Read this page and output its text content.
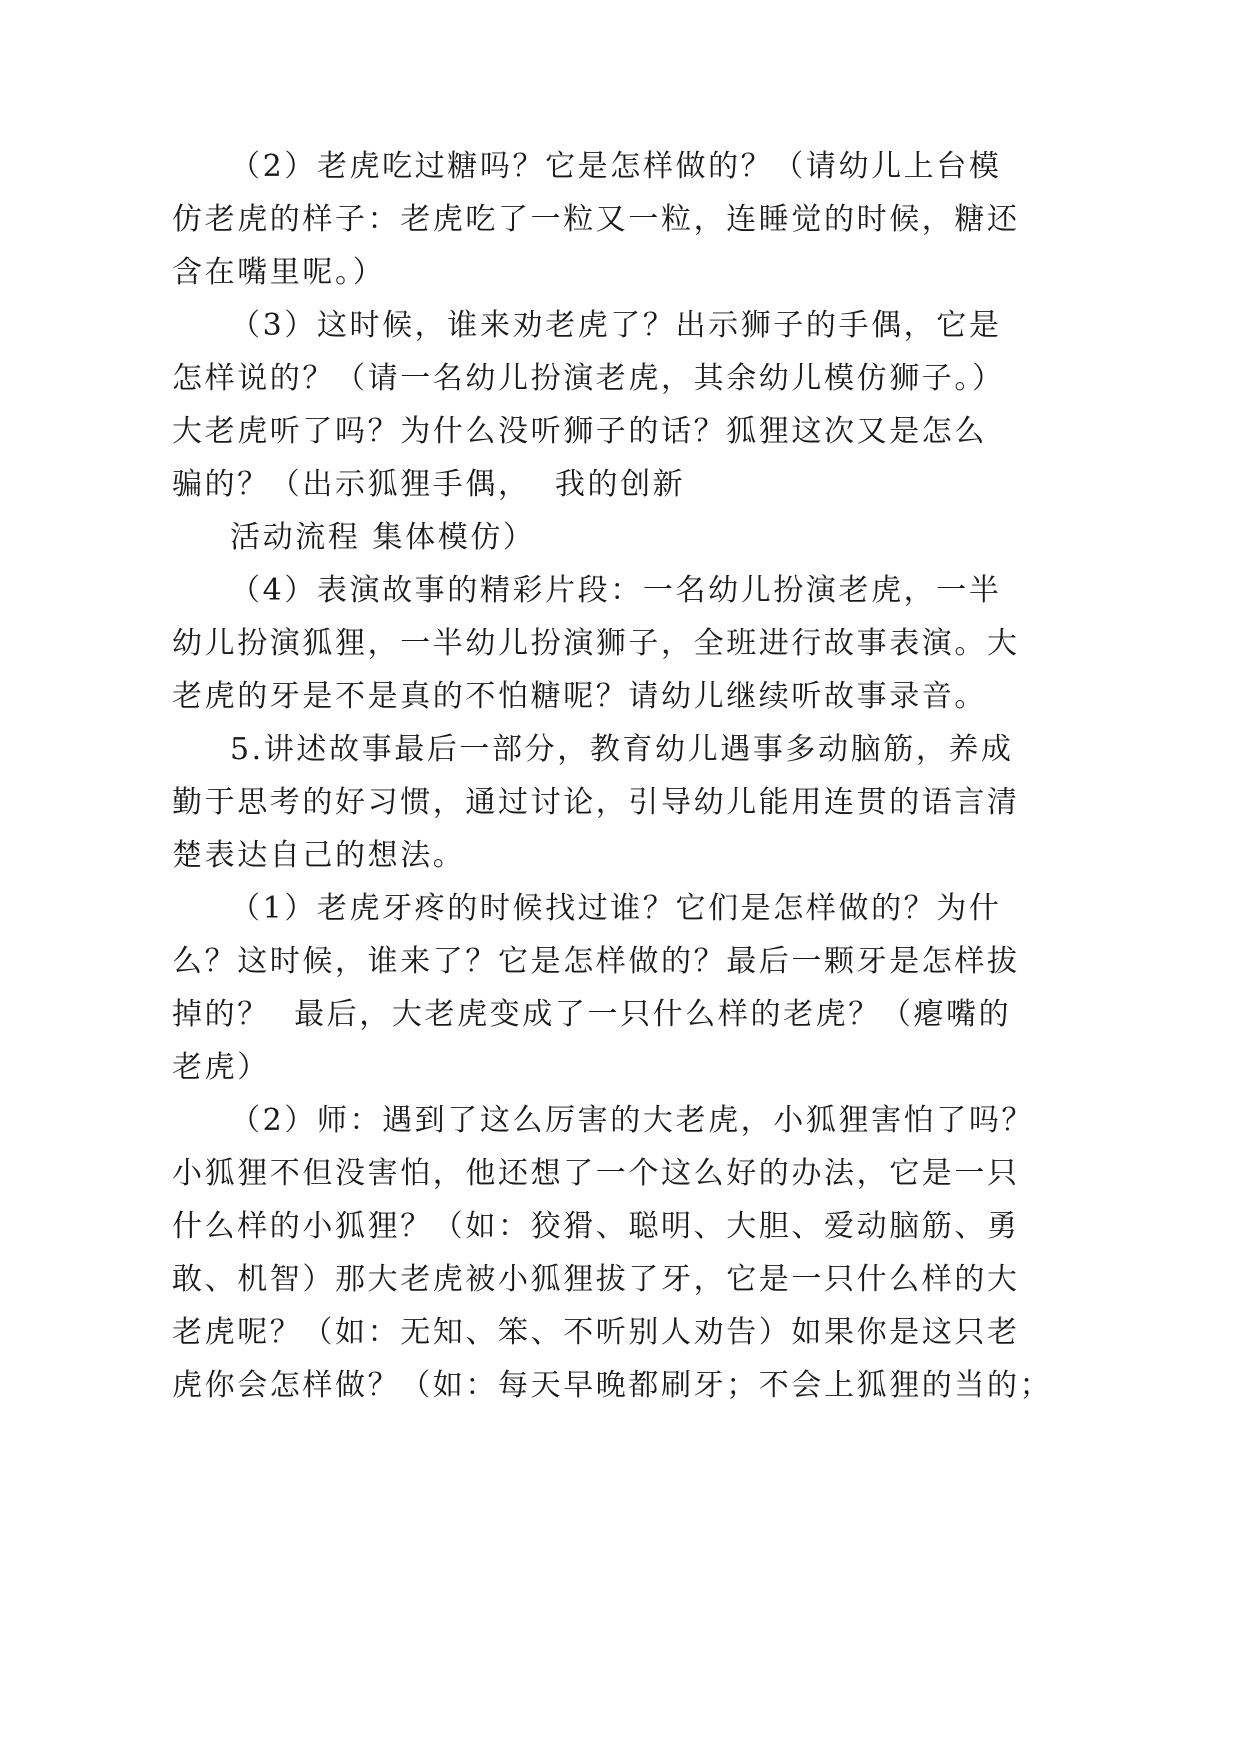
（2）老虎吃过糖吗？它是怎样做的？（请幼儿上台模
仿老虎的样子：老虎吃了一粒又一粒，连睡觉的时候，糖还
含在嘴里呢。）
（3）这时候，谁来劝老虎了？出示狮子的手偶，它是
怎样说的？（请一名幼儿扮演老虎，其余幼儿模仿狮子。）
大老虎听了吗？为什么没听狮子的话？狐狸这次又是怎么
骗的？（出示狐狸手偶，  我的创新
活动流程 集体模仿）
（4）表演故事的精彩片段：一名幼儿扮演老虎，一半
幼儿扮演狐狸，一半幼儿扮演狮子，全班进行故事表演。大
老虎的牙是不是真的不怕糖呢？请幼儿继续听故事录音。
5.讲述故事最后一部分，教育幼儿遇事多动脑筋，养成
勤于思考的好习惯，通过讨论，引导幼儿能用连贯的语言清
楚表达自己的想法。
（1）老虎牙疼的时候找过谁？它们是怎样做的？为什
么？这时候，谁来了？它是怎样做的？最后一颗牙是怎样拔
掉的？  最后，大老虎变成了一只什么样的老虎？（瘪嘴的
老虎）
（2）师：遇到了这么厉害的大老虎，小狐狸害怕了吗？
小狐狸不但没害怕，他还想了一个这么好的办法，它是一只
什么样的小狐狸？（如：狡猾、聪明、大胆、爱动脑筋、勇
敢、机智）那大老虎被小狐狸拔了牙，它是一只什么样的大
老虎呢？（如：无知、笨、不听别人劝告）如果你是这只老
虎你会怎样做？（如：每天早晚都刷牙；不会上狐狸的当的；
